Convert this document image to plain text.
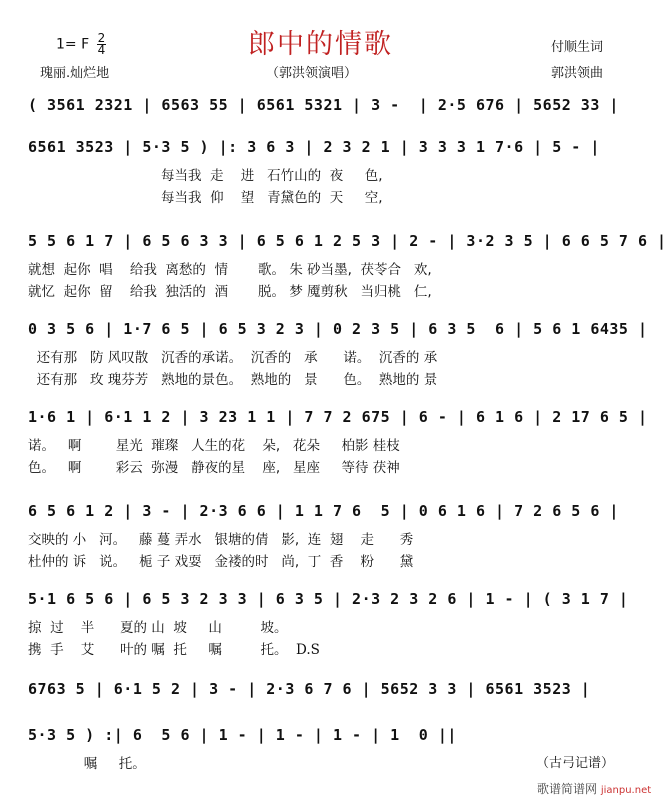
1= F $\frac{2}{4}$	郎中的情歌	付顺生词
瑰丽.灿烂地	（郭洪领演唱）	郭洪领曲
( 3561 2321 | 6563 55 | 6561 5321 | 3 -  | 2·5 676 | 5652 33 |
6561 3523 | 5·3 5 ) |: 3 6 3 | 2 3 2 1 | 3 3 3 1 7·6 | 5 - |
每当我  走    进   石竹山的  夜     色,
每当我  仰    望   青黛色的  天     空,
5 5 6 1 7 | 6 5 6 3 3 | 6 5 6 1 2 5 3 | 2 - | 3·2 3 5 | 6 6 5 7 6 |
就想  起你  唱    给我  离愁的  情       歌。 朱 砂当墨,  茯苓合   欢,
就忆  起你  留    给我  独活的  酒       脱。 梦 魇剪秋   当归桃   仁,
0 3 5 6 | 1·7 6 5 | 6 5 3 2 3 | 0 2 3 5 | 6 3 5  6 | 5 6 1 6435 |
还有那   防 风叹散   沉香的承诺。  沉香的   承      诺。  沉香的 承
还有那   玫 瑰芬芳   熟地的景色。  熟地的   景      色。  熟地的 景
1·6 1 | 6·1 1 2 | 3 23 1 1 | 7 7 2 675 | 6 - | 6 1 6 | 2 17 6 5 |
诺。   啊        星光  璀璨   人生的花    朵,   花朵     柏影 桂枝
色。   啊        彩云  弥漫   静夜的星    座,   星座     等待 茯神
6 5 6 1 2 | 3 - | 2·3 6 6 | 1 1 7 6  5 | 0 6 1 6 | 7 2 6 5 6 |
交映的 小   河。   藤 蔓 弄水   银塘的倩   影,  连  翅    走      秀
杜仲的 诉   说。   栀 子 戏耍   金褛的时   尚,  丁  香    粉      黛
5·1 6 5 6 | 6 5 3 2 3 3 | 6 3 5 | 2·3 2 3 2 6 | 1 - | ( 3 1 7 |
掠  过    半      夏的 山  坡     山         坡。
携  手    艾      叶的 嘱  托     嘱         托。  D.S
6763 5 | 6·1 5 2 | 3 - | 2·3 6 7 6 | 5652 3 3 | 6561 3523 |
5·3 5 ) :| 6  5 6 | 1 - | 1 - | 1 - | 1  0 ||
嘱     托。	（古弓记谱）
歌谱简谱网 jianpu.net
